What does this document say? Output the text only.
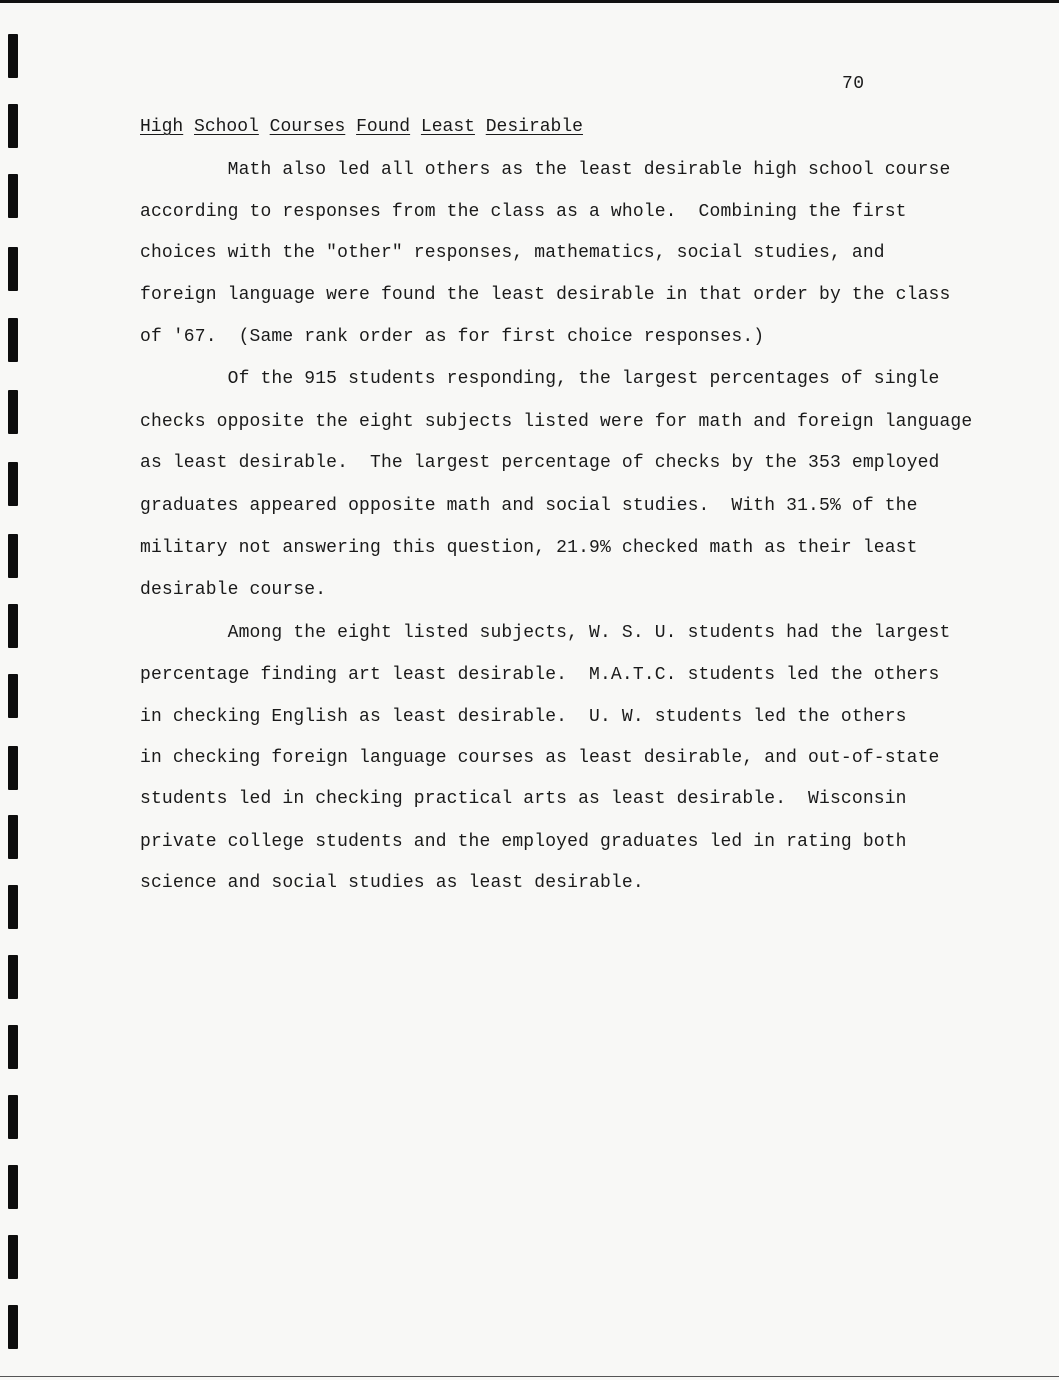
70
High School Courses Found Least Desirable
Math also led all others as the least desirable high school course
according to responses from the class as a whole.  Combining the first
choices with the "other" responses, mathematics, social studies, and
foreign language were found the least desirable in that order by the class
of '67.  (Same rank order as for first choice responses.)
Of the 915 students responding, the largest percentages of single
checks opposite the eight subjects listed were for math and foreign language
as least desirable.  The largest percentage of checks by the 353 employed
graduates appeared opposite math and social studies.  With 31.5% of the
military not answering this question, 21.9% checked math as their least
desirable course.
Among the eight listed subjects, W. S. U. students had the largest
percentage finding art least desirable.  M.A.T.C. students led the others
in checking English as least desirable.  U. W. students led the others
in checking foreign language courses as least desirable, and out-of-state
students led in checking practical arts as least desirable.  Wisconsin
private college students and the employed graduates led in rating both
science and social studies as least desirable.
